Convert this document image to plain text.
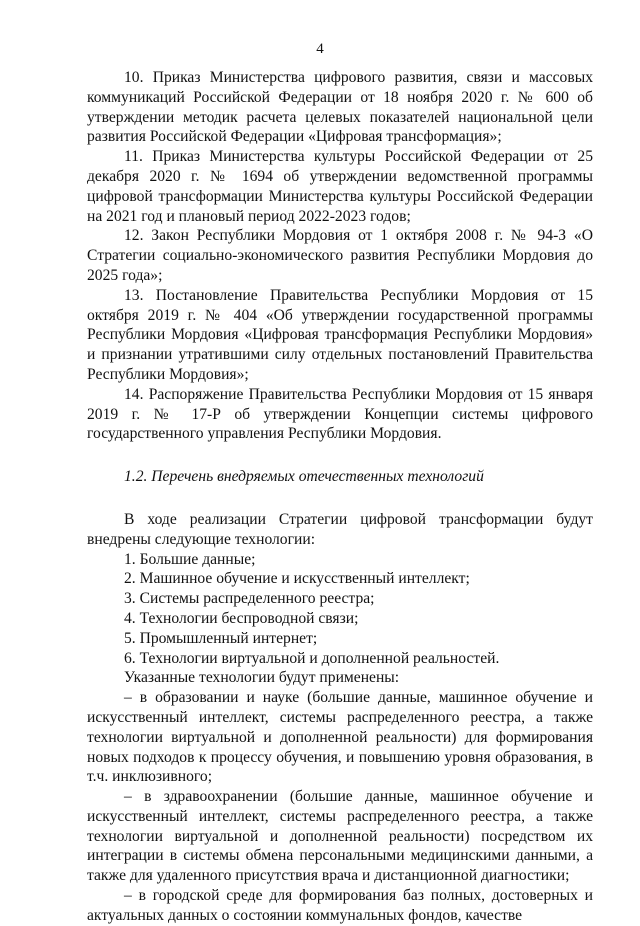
4

10. Приказ Министерства цифрового развития, связи и массовых коммуникаций Российской Федерации от 18 ноября 2020 г. № 600 об утверждении методик расчета целевых показателей национальной цели развития Российской Федерации «Цифровая трансформация»;

11. Приказ Министерства культуры Российской Федерации от 25 декабря 2020 г. № 1694 об утверждении ведомственной программы цифровой трансформации Министерства культуры Российской Федерации на 2021 год и плановый период 2022-2023 годов;

12. Закон Республики Мордовия от 1 октября 2008 г. № 94-З «О Стратегии социально-экономического развития Республики Мордовия до 2025 года»;

13. Постановление Правительства Республики Мордовия от 15 октября 2019 г. № 404 «Об утверждении государственной программы Республики Мордовия «Цифровая трансформация Республики Мордовия» и признании утратившими силу отдельных постановлений Правительства Республики Мордовия»;

14. Распоряжение Правительства Республики Мордовия от 15 января 2019 г. № 17-Р об утверждении Концепции системы цифрового государственного управления Республики Мордовия.

1.2. Перечень внедряемых отечественных технологий

В ходе реализации Стратегии цифровой трансформации будут внедрены следующие технологии:

1. Большие данные;

2. Машинное обучение и искусственный интеллект;

3. Системы распределенного реестра;

4. Технологии беспроводной связи;

5. Промышленный интернет;

6. Технологии виртуальной и дополненной реальностей.

Указанные технологии будут применены:

– в образовании и науке (большие данные, машинное обучение и искусственный интеллект, системы распределенного реестра, а также технологии виртуальной и дополненной реальности) для формирования новых подходов к процессу обучения, и повышению уровня образования, в т.ч. инклюзивного;

– в здравоохранении (большие данные, машинное обучение и искусственный интеллект, системы распределенного реестра, а также технологии виртуальной и дополненной реальности) посредством их интеграции в системы обмена персональными медицинскими данными, а также для удаленного присутствия врача и дистанционной диагностики;

– в городской среде для формирования баз полных, достоверных и актуальных данных о состоянии коммунальных фондов, качестве
